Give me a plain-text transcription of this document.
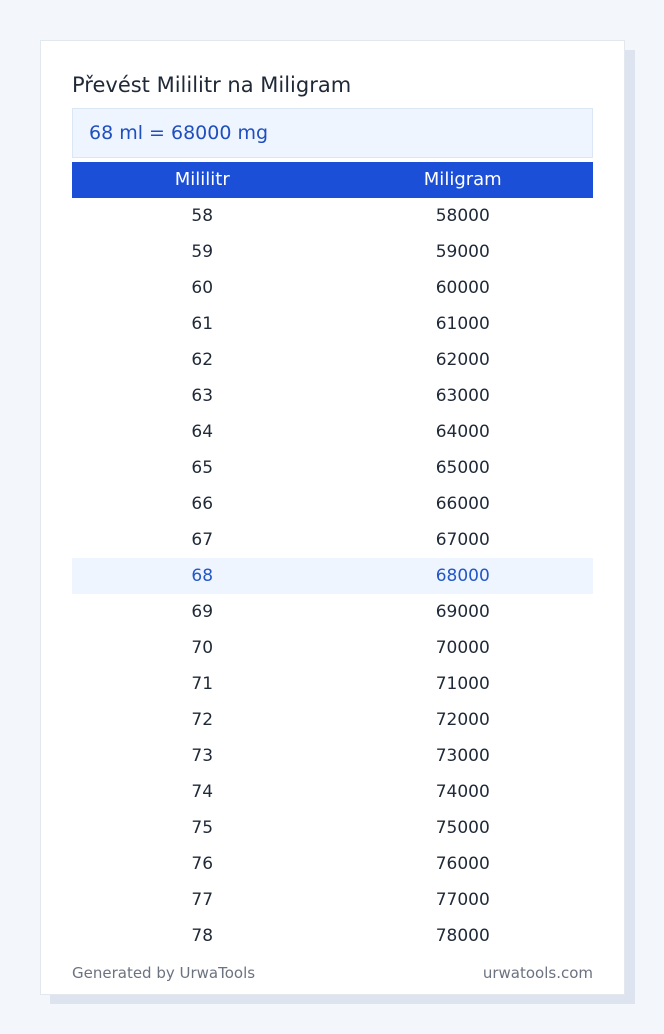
Převést Mililitr na Miligram
68 ml = 68000 mg
Mililitr	Miligram
58	58000
59	59000
60	60000
61	61000
62	62000
63	63000
64	64000
65	65000
66	66000
67	67000
68	68000
69	69000
70	70000
71	71000
72	72000
73	73000
74	74000
75	75000
76	76000
77	77000
78	78000
Generated by UrwaTools	urwatools.com
